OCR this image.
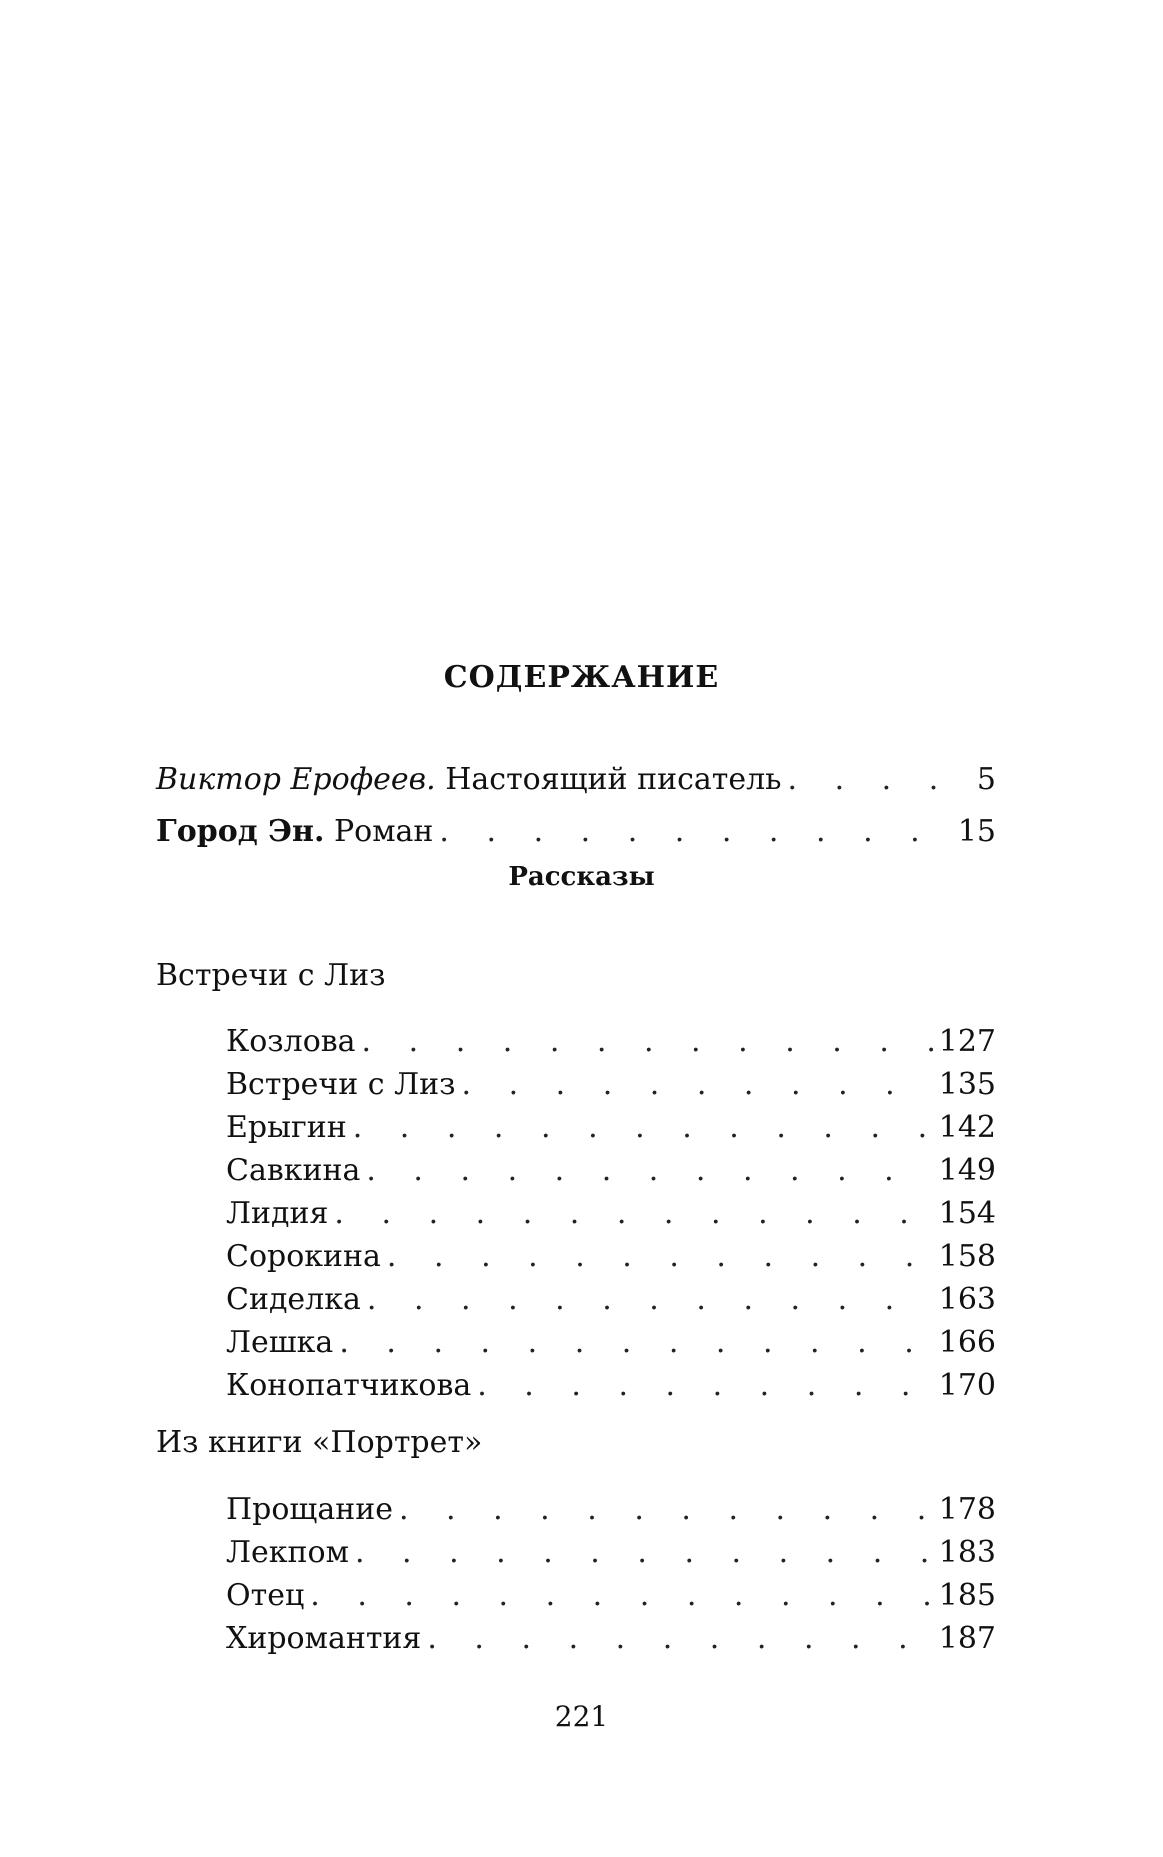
СОДЕРЖАНИЕ
Виктор Ерофеев. Настоящий писатель . . .	5
Город Эн. Роман . . .	15
Рассказы
Встречи с Лиз
Козлова . . .	127
Встречи с Лиз . . .	135
Ерыгин . . .	142
Савкина . . .	149
Лидия . . .	154
Сорокина . . .	158
Сиделка . . .	163
Лешка . . .	166
Конопатчикова . . .	170
Из книги «Портрет»
Прощание . . .	178
Лекпом . . .	183
Отец . . .	185
Хиромантия . . .	187
221
